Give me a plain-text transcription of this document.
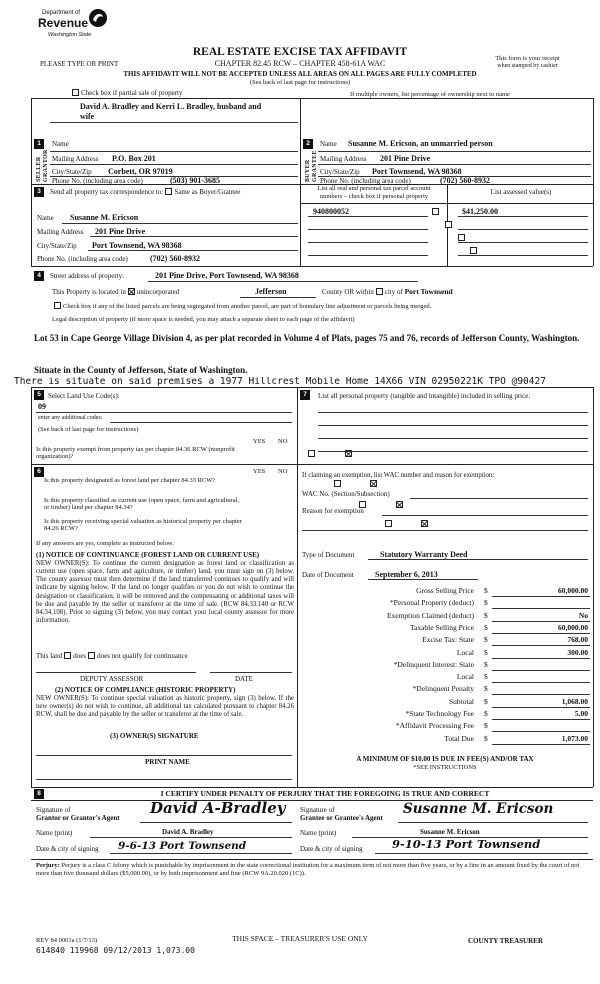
Department of
Revenue
Washington State
PLEASE TYPE OR PRINT
REAL ESTATE EXCISE TAX AFFIDAVIT
CHAPTER 82.45 RCW – CHAPTER 458-61A WAC
This form is your receipt
when stamped by cashier
THIS AFFIDAVIT WILL NOT BE ACCEPTED UNLESS ALL AREAS ON ALL PAGES ARE FULLY COMPLETED
(See back of last page for instructions)
Check box if partial sale of property	If multiple owners, list percentage of ownership next to name
1
SELLER GRANTOR
Name
David A. Bradley and Kerri L. Bradley, husband and
wife
Mailing Address P.O. Box 201
City/State/Zip Corbett, OR 97019
Phone No. (including area code)	(503) 901-3685
2
BUYER GRANTEE
Name Susanne M. Ericson, an unmarried person
Mailing Address 201 Pine Drive
City/State/Zip Port Townsend, WA 98368
Phone No. (including area code)	(702) 560-8932
3	Send all property tax correspondence to: Same as Buyer/Grantee
Name Susanne M. Ericson
Mailing Address 201 Pine Drive
City/State/Zip Port Townsend, WA 98368
Phone No. (including area code)	(702) 560-8932
List all real and personal tax parcel account
numbers – check box if personal property
List assessed value(s)
940800052	$41,250.00

4	Street address of property:	201 Pine Drive, Port Townsend, WA 98368
This Property is located in unincorporated	Jefferson	County OR within city of Port Townsend
Check box if any of the listed parcels are being segregated from another parcel, are part of boundary line adjustment or parcels being merged.
Legal description of property (if more space is needed, you may attach a separate sheet to each page of the affidavit)
Lot 53 in Cape George Village Division 4, as per plat recorded in Volume 4 of Plats, pages 75 and 76, records of Jefferson County, Washington.
Situate in the County of Jefferson, State of Washington.
There is situate on said premises a 1977 Hillcrest Mobile Home 14X66 VIN 02950221K TPO @90427
5	Select Land Use Code(s):
09
enter any additional codes:
(See back of last page for instructions)
YES NO
Is this property exempt from property tax per chapter 84.36 RCW (nonprofit organization)?

6	YES NO
Is this property designated as forest land per chapter 84.33 RCW?

Is this property classified as current use (open space, farm and agricultural, or timber) land per chapter 84.34?

Is this property receiving special valuation as historical property per chapter 84.26 RCW?

If any answers are yes, complete as instructed below.
(1) NOTICE OF CONTINUANCE (FOREST LAND OR CURRENT USE)
NEW OWNER(S): To continue the current designation as forest land or classification as current use (open space, farm and agriculture, or timber) land, you must sign on (3) below. The county assessor must then determine if the land transferred continues to qualify and will indicate by signing below. If the land no longer qualifies or you do not wish to continue the designation or classification, it will be removed and the compensating or additional taxes will be due and payable by the seller or transferor at the time of sale. (RCW 84.33.140 or RCW 84.34.108). Prior to signing (3) below, you may contact your local county assessor for more information.
This land does does not qualify for continuance
DEPUTY ASSESSOR	DATE
(2) NOTICE OF COMPLIANCE (HISTORIC PROPERTY)
NEW OWNER(S): To continue special valuation as historic property, sign (3) below. If the new owner(s) do not wish to continue, all additional tax calculated pursuant to chapter 84.26 RCW, shall be due and payable by the seller or transferor at the time of sale.
(3) OWNER(S) SIGNATURE
PRINT NAME
7	List all personal property (tangible and intangible) included in selling price.
If claiming an exemption, list WAC number and reason for exemption:
WAC No. (Section/Subsection)
Reason for exemption
Type of Document	Statutory Warranty Deed
Date of Document	September 6, 2013
Gross Selling Price $	60,000.00
*Personal Property (deduct) $
Exemption Claimed (deduct) $	No
Taxable Selling Price $	60,000.00
Excise Tax: State $	768.00
Local $	300.00
*Delinquent Interest: State $
Local $
*Delinquent Penalty $
Subtotal $	1,068.00
*State Technology Fee $	5.00
*Affidavit Processing Fee $
Total Due $	1,073.00
A MINIMUM OF $10.00 IS DUE IN FEE(S) AND/OR TAX
*SEE INSTRUCTIONS
8	I CERTIFY UNDER PENALTY OF PERJURY THAT THE FOREGOING IS TRUE AND CORRECT
Signature of
Grantor or Grantor's Agent
David A-Bradley
Name (print)	David A. Bradley
Date & city of signing 9-6-13 Port Townsend
Signature of
Grantee or Grantee's Agent
Susanne M. Ericson
Name (print)	Susanne M. Ericson
Date & city of signing	9-10-13 Port Townsend
Perjury: Perjury is a class C felony which is punishable by imprisonment in the state correctional institution for a maximum term of not more than five years, or by a fine in an amount fixed by the court of not more than five thousand dollars ($5,000.00), or by both imprisonment and fine (RCW 9A.20.020 (1C)).
REV 84 0001a (1/7/13)
614840 119968 09/12/2013 1,073.00
THIS SPACE – TREASURER'S USE ONLY	COUNTY TREASURER
